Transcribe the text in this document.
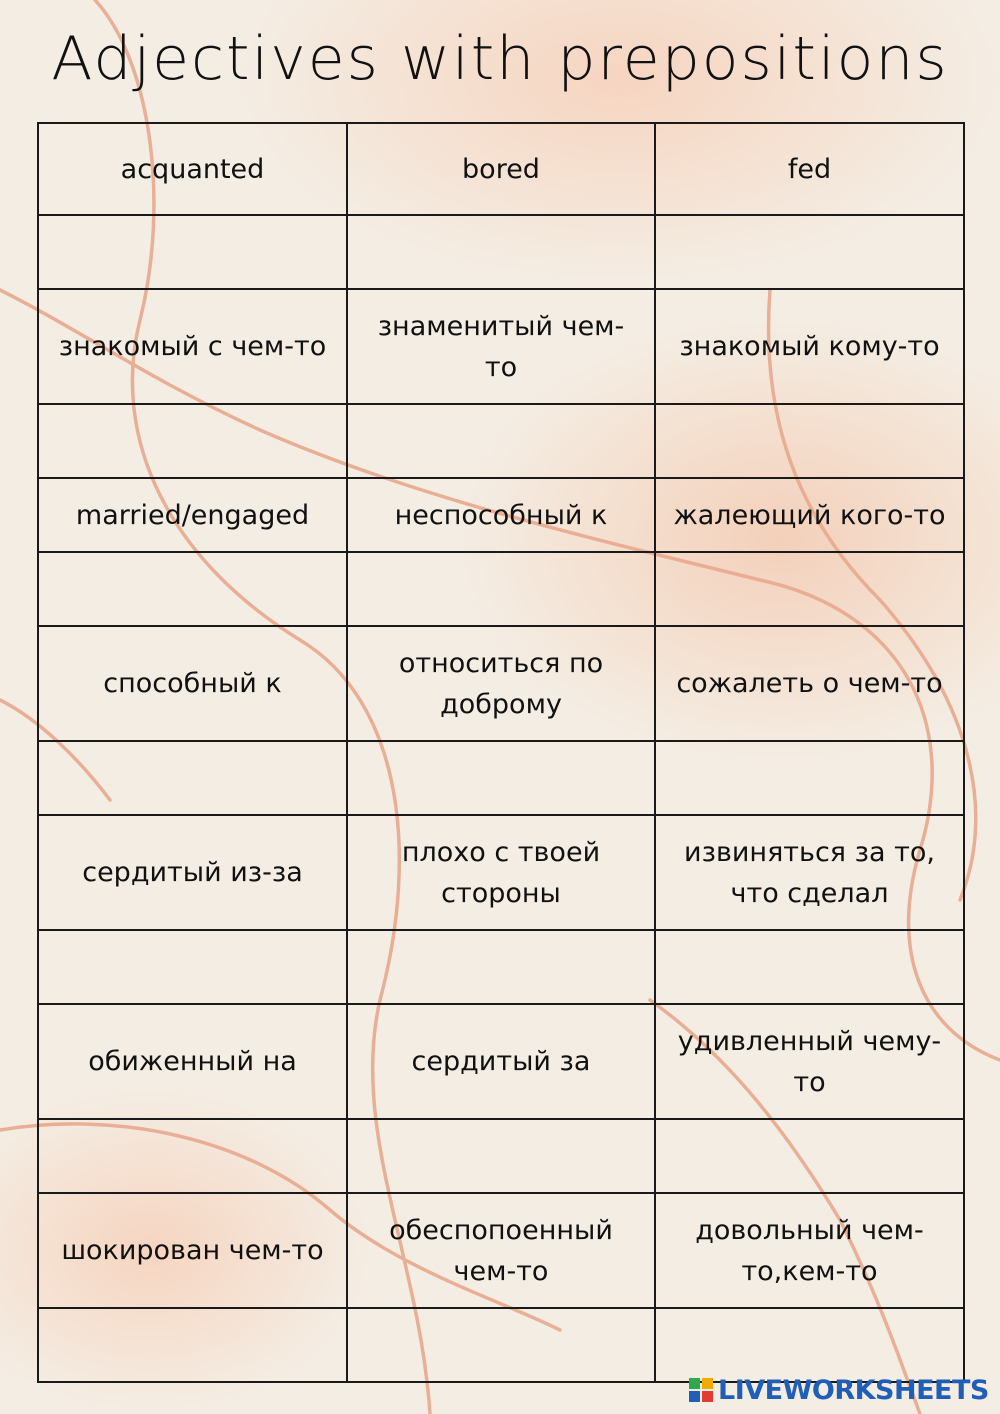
Adjectives with prepositions
acquanted	bored	fed

знакомый с чем-то	знаменитый чем-то	знакомый кому-то

married/engaged	неспособный к	жалеющий кого-то

способный к	относиться по доброму	сожалеть о чем-то

сердитый из-за	плохо с твоей стороны	извиняться за то, что сделал

обиженный на	сердитый за	удивленный чему-то

шокирован чем-то	обеспопоенный чем-то	довольный чем-то,кем-то

LIVEWORKSHEETS
